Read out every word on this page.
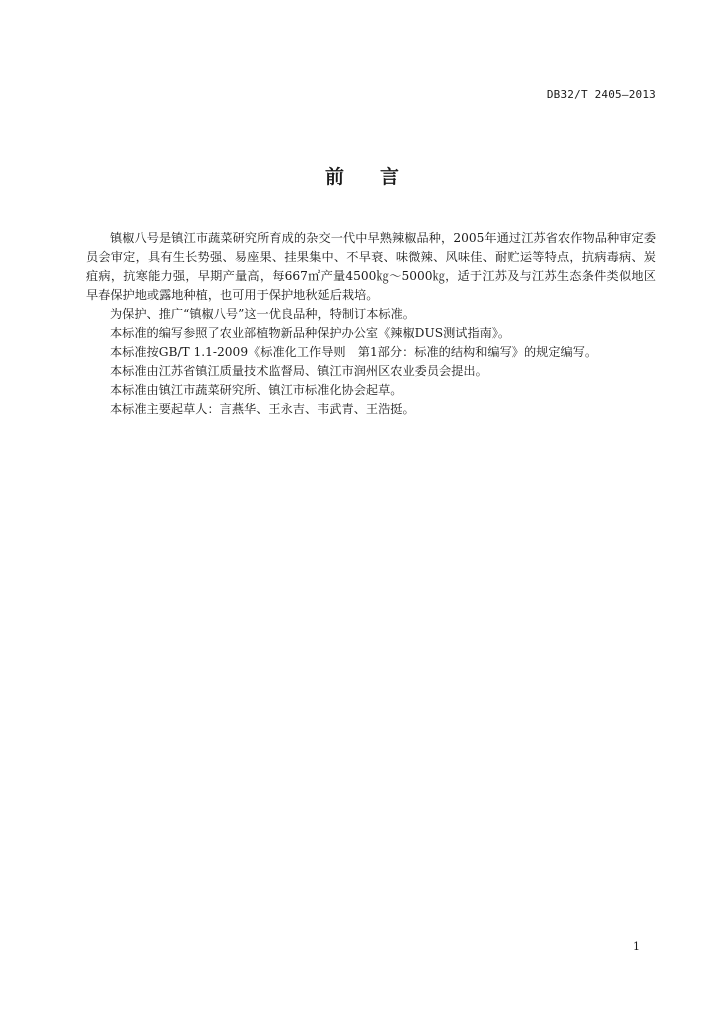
DB32/T 2405—2013
前 言

镇椒八号是镇江市蔬菜研究所育成的杂交一代中早熟辣椒品种，2005年通过江苏省农作物品种审定委员会审定，具有生长势强、易座果、挂果集中、不早衰、味微辣、风味佳、耐贮运等特点，抗病毒病、炭疽病，抗寒能力强，早期产量高，每667㎡产量4500㎏～5000㎏，适于江苏及与江苏生态条件类似地区早春保护地或露地种植，也可用于保护地秋延后栽培。

为保护、推广“镇椒八号”这一优良品种，特制订本标准。

本标准的编写参照了农业部植物新品种保护办公室《辣椒DUS测试指南》。

本标准按GB/T 1.1-2009《标准化工作导则　第1部分：标准的结构和编写》的规定编写。

本标准由江苏省镇江质量技术监督局、镇江市润州区农业委员会提出。

本标准由镇江市蔬菜研究所、镇江市标准化协会起草。

本标准主要起草人：言燕华、王永吉、韦武青、王浩挺。

1
